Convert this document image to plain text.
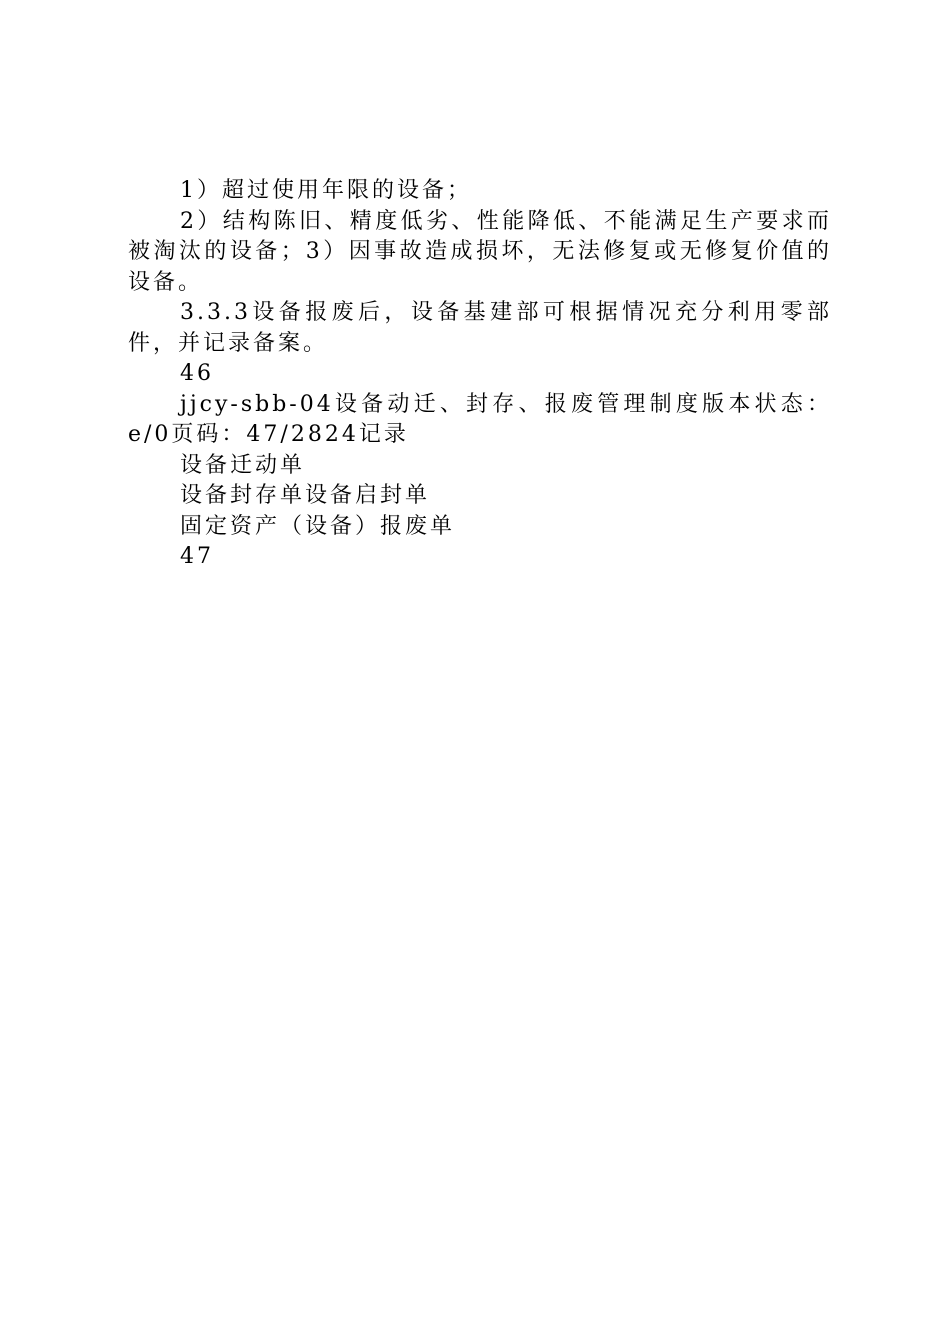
1）超过使用年限的设备；

2）结构陈旧、精度低劣、性能降低、不能满足生产要求而被淘汰的设备；3）因事故造成损坏，无法修复或无修复价值的设备。

3.3.3设备报废后，设备基建部可根据情况充分利用零部件，并记录备案。

46

jjcy-sbb-04设备动迁、封存、报废管理制度版本状态：e/0页码：47/2824记录

设备迁动单

设备封存单设备启封单

固定资产（设备）报废单

47
